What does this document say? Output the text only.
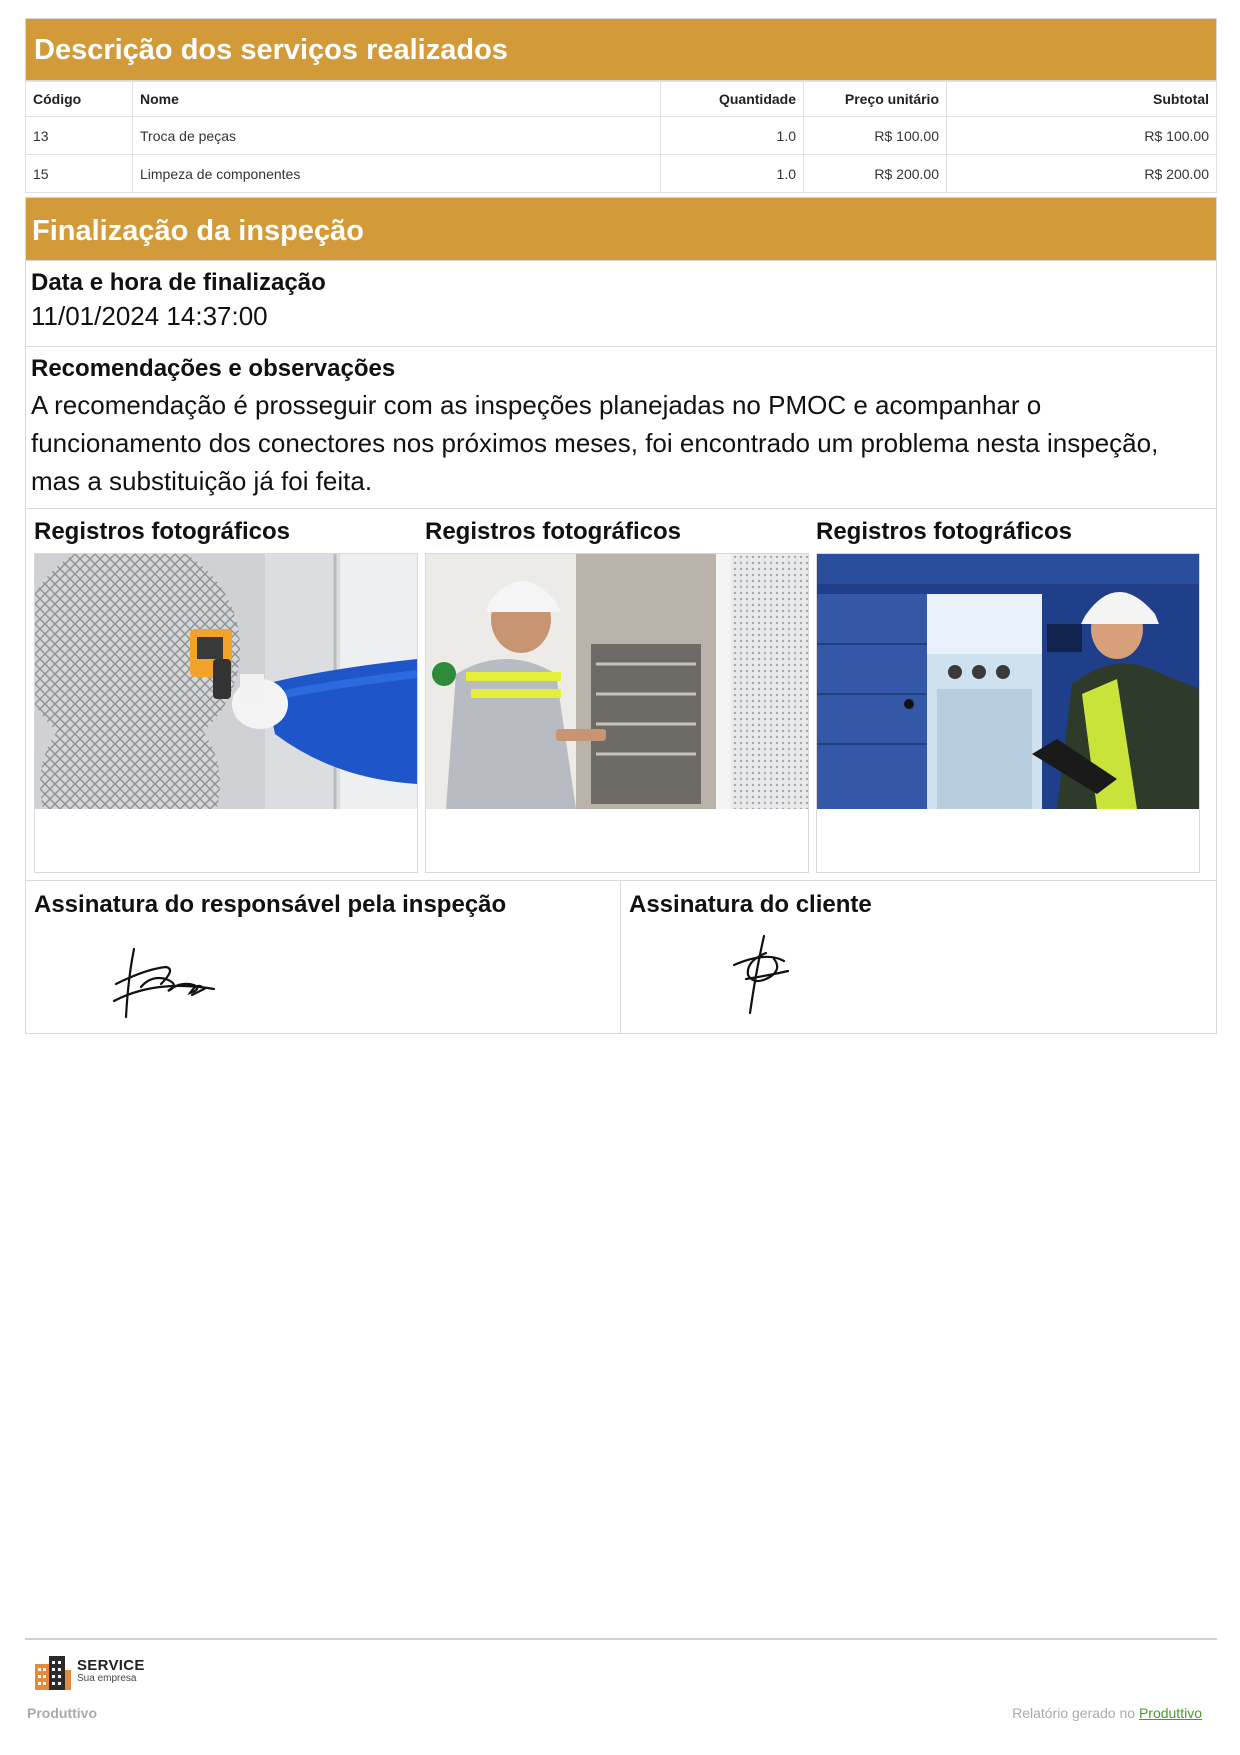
Descrição dos serviços realizados
Código	Nome	Quantidade	Preço unitário	Subtotal
13	Troca de peças	1.0	R$ 100.00	R$ 100.00
15	Limpeza de componentes	1.0	R$ 200.00	R$ 200.00
Finalização da inspeção
Data e hora de finalização
11/01/2024 14:37:00
Recomendações e observações
A recomendação é prosseguir com as inspeções planejadas no PMOC e acompanhar o funcionamento dos conectores nos próximos meses, foi encontrado um problema nesta inspeção, mas a substituição já foi feita.
Registros fotográficos	Registros fotográficos	Registros fotográficos
Assinatura do responsável pela inspeção	Assinatura do cliente
SERVICE
Sua empresa
Produttivo	Relatório gerado no Produttivo
